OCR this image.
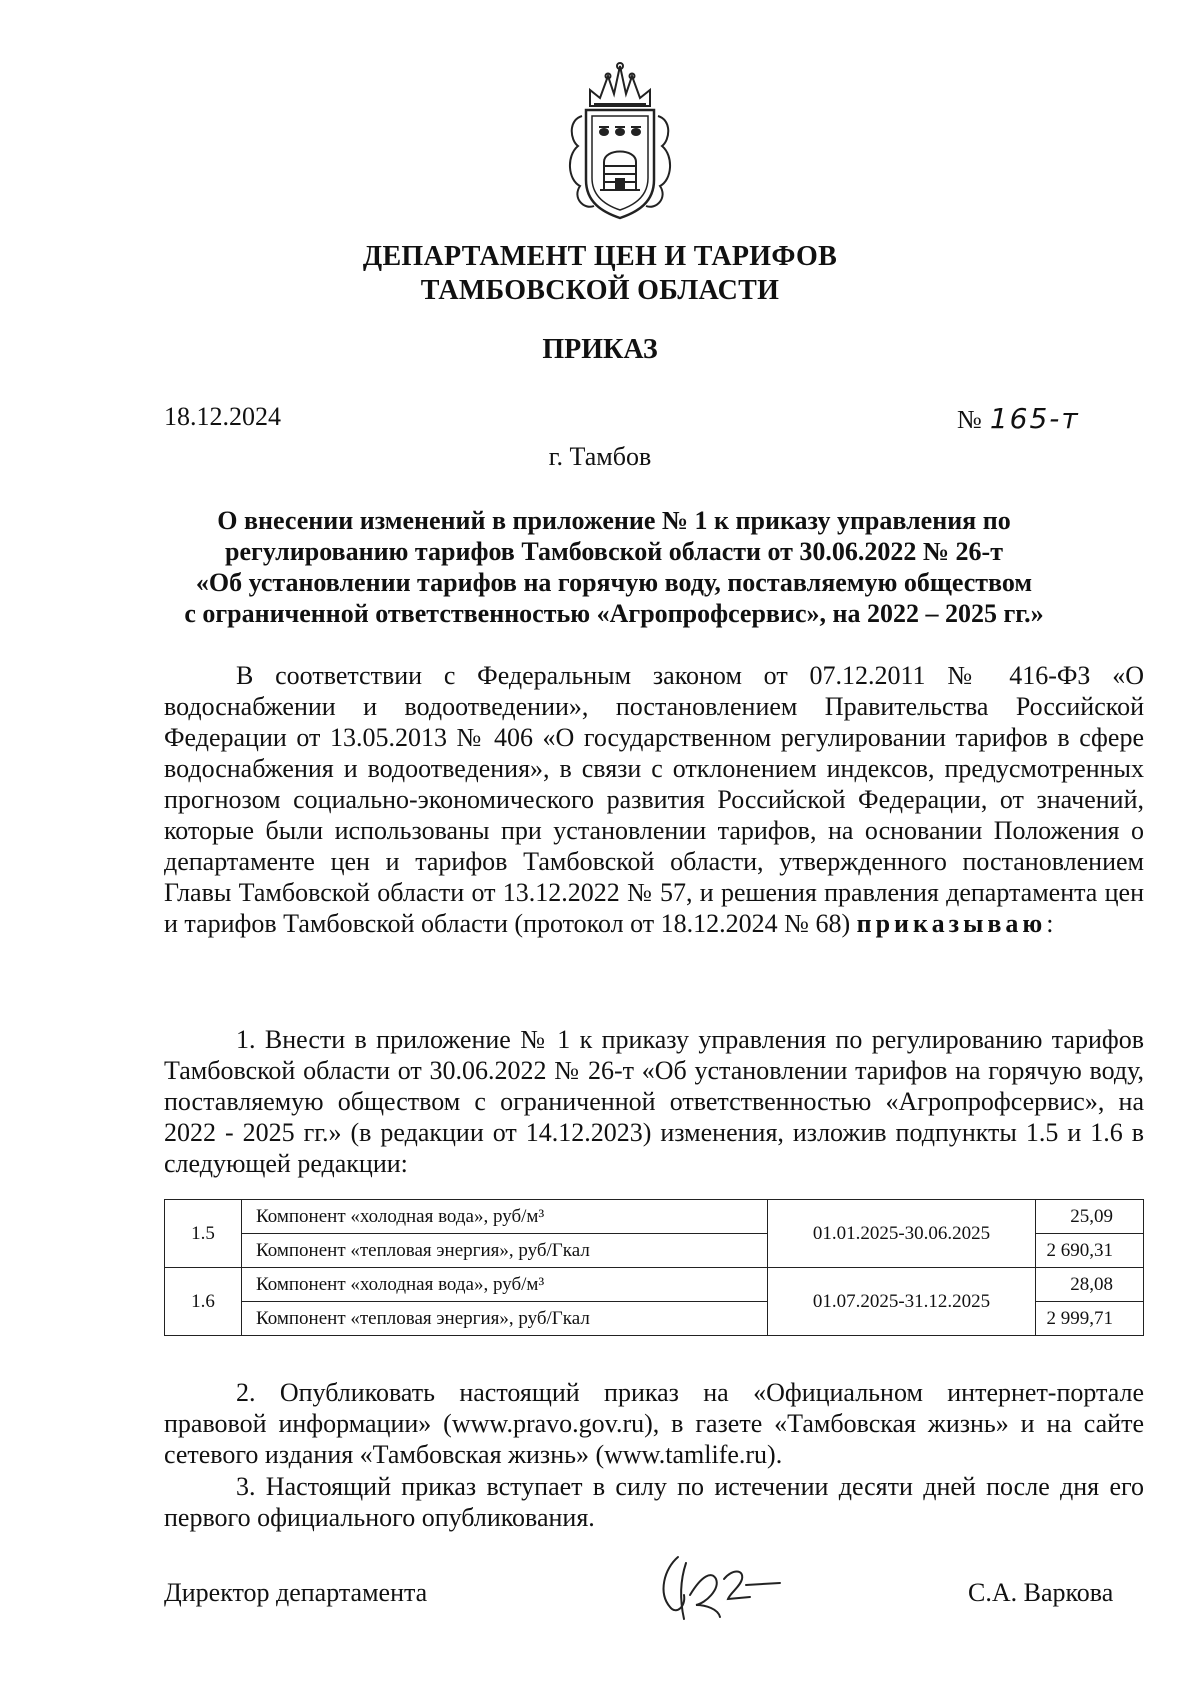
ДЕПАРТАМЕНТ ЦЕН И ТАРИФОВ
ТАМБОВСКОЙ ОБЛАСТИ
ПРИКАЗ
18.12.2024	№ 165-т
г. Тамбов
О внесении изменений в приложение № 1 к приказу управления по
регулированию тарифов Тамбовской области от 30.06.2022 № 26-т
«Об установлении тарифов на горячую воду, поставляемую обществом
с ограниченной ответственностью «Агропрофсервис», на 2022 – 2025 гг.»
В соответствии с Федеральным законом от 07.12.2011 № 416-ФЗ «О водоснабжении и водоотведении», постановлением Правительства Российской Федерации от 13.05.2013 № 406 «О государственном регулировании тарифов в сфере водоснабжения и водоотведения», в связи с отклонением индексов, предусмотренных прогнозом социально-экономического развития Российской Федерации, от значений, которые были использованы при установлении тарифов, на основании Положения о департаменте цен и тарифов Тамбовской области, утвержденного постановлением Главы Тамбовской области от 13.12.2022 № 57, и решения правления департамента цен и тарифов Тамбовской области (протокол от 18.12.2024 № 68) приказываю:
1. Внести в приложение № 1 к приказу управления по регулированию тарифов Тамбовской области от 30.06.2022 № 26-т «Об установлении тарифов на горячую воду, поставляемую обществом с ограниченной ответственностью «Агропрофсервис», на 2022 - 2025 гг.» (в редакции от 14.12.2023) изменения, изложив подпункты 1.5 и 1.6 в следующей редакции:
1.5	Компонент «холодная вода», руб/м³	01.01.2025-30.06.2025	25,09
	Компонент «тепловая энергия», руб/Гкал		2 690,31
1.6	Компонент «холодная вода», руб/м³	01.07.2025-31.12.2025	28,08
	Компонент «тепловая энергия», руб/Гкал		2 999,71
2. Опубликовать настоящий приказ на «Официальном интернет-портале правовой информации» (www.pravo.gov.ru), в газете «Тамбовская жизнь» и на сайте сетевого издания «Тамбовская жизнь» (www.tamlife.ru).
3. Настоящий приказ вступает в силу по истечении десяти дней после дня его первого официального опубликования.
Директор департамента	С.А. Варкова
